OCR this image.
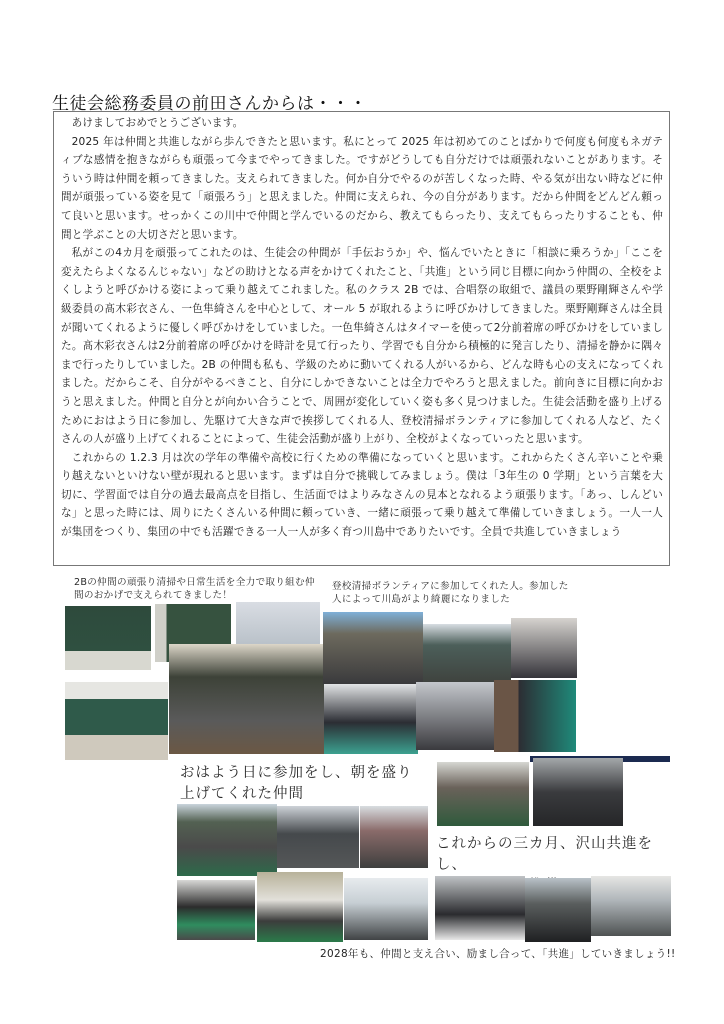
生徒会総務委員の前田さんからは・・・

あけましておめでとうございます。

2025 年は仲間と共進しながら歩んできたと思います。私にとって 2025 年は初めてのことばかりで何度も何度もネガティブな感情を抱きながらも頑張って今までやってきました。ですがどうしても自分だけでは頑張れないことがあります。そういう時は仲間を頼ってきました。支えられてきました。何か自分でやるのが苦しくなった時、やる気が出ない時などに仲間が頑張っている姿を見て「頑張ろう」と思えました。仲間に支えられ、今の自分があります。だから仲間をどんどん頼って良いと思います。せっかくこの川中で仲間と学んでいるのだから、教えてもらったり、支えてもらったりすることも、仲間と学ぶことの大切さだと思います。

私がこの4カ月を頑張ってこれたのは、生徒会の仲間が「手伝おうか」や、悩んでいたときに「相談に乗ろうか」「ここを変えたらよくなるんじゃない」などの助けとなる声をかけてくれたこと、「共進」という同じ目標に向かう仲間の、全校をよくしようと呼びかける姿によって乗り越えてこれました。私のクラス 2B では、合唱祭の取組で、議員の栗野剛輝さんや学級委員の髙木彩衣さん、一色隼綺さんを中心として、オール 5 が取れるように呼びかけしてきました。栗野剛輝さんは全員が聞いてくれるように優しく呼びかけをしていました。一色隼綺さんはタイマーを使って2分前着席の呼びかけをしていました。髙木彩衣さんは2分前着席の呼びかけを時計を見て行ったり、学習でも自分から積極的に発言したり、清掃を静かに隅々まで行ったりしていました。2B の仲間も私も、学級のために動いてくれる人がいるから、どんな時も心の支えになってくれました。だからこそ、自分がやるべきこと、自分にしかできないことは全力でやろうと思えました。前向きに目標に向かおうと思えました。仲間と自分とが向かい合うことで、周囲が変化していく姿も多く見つけました。生徒会活動を盛り上げるためにおはよう日に参加し、先駆けて大きな声で挨拶してくれる人、登校清掃ボランティアに参加してくれる人など、たくさんの人が盛り上げてくれることによって、生徒会活動が盛り上がり、全校がよくなっていったと思います。

これからの 1.2.3 月は次の学年の準備や高校に行くための準備になっていくと思います。これからたくさん辛いことや乗り越えないといけない壁が現れると思います。まずは自分で挑戦してみましょう。僕は「3年生の 0 学期」という言葉を大切に、学習面では自分の過去最高点を目指し、生活面ではよりみなさんの見本となれるよう頑張ります。「あっ、しんどいな」と思った時には、周りにたくさんいる仲間に頼っていき、一緒に頑張って乗り越えて準備していきましょう。一人一人が集団をつくり、集団の中でも活躍できる一人一人が多く育つ川島中でありたいです。全員で共進していきましょう

2Bの仲間の頑張り清掃や日常生活を全力で取り組む仲間のおかげで支えられてきました！
登校清掃ボランティアに参加してくれた人。参加した人によって川島がより綺麗になりました
おはよう日に参加をし、朝を盛り
上げてくれた仲間
これからの三カ月、沢山共進をし、
2028年も、仲間と支え合い、励まし合って、「共進」していきましょう!!
